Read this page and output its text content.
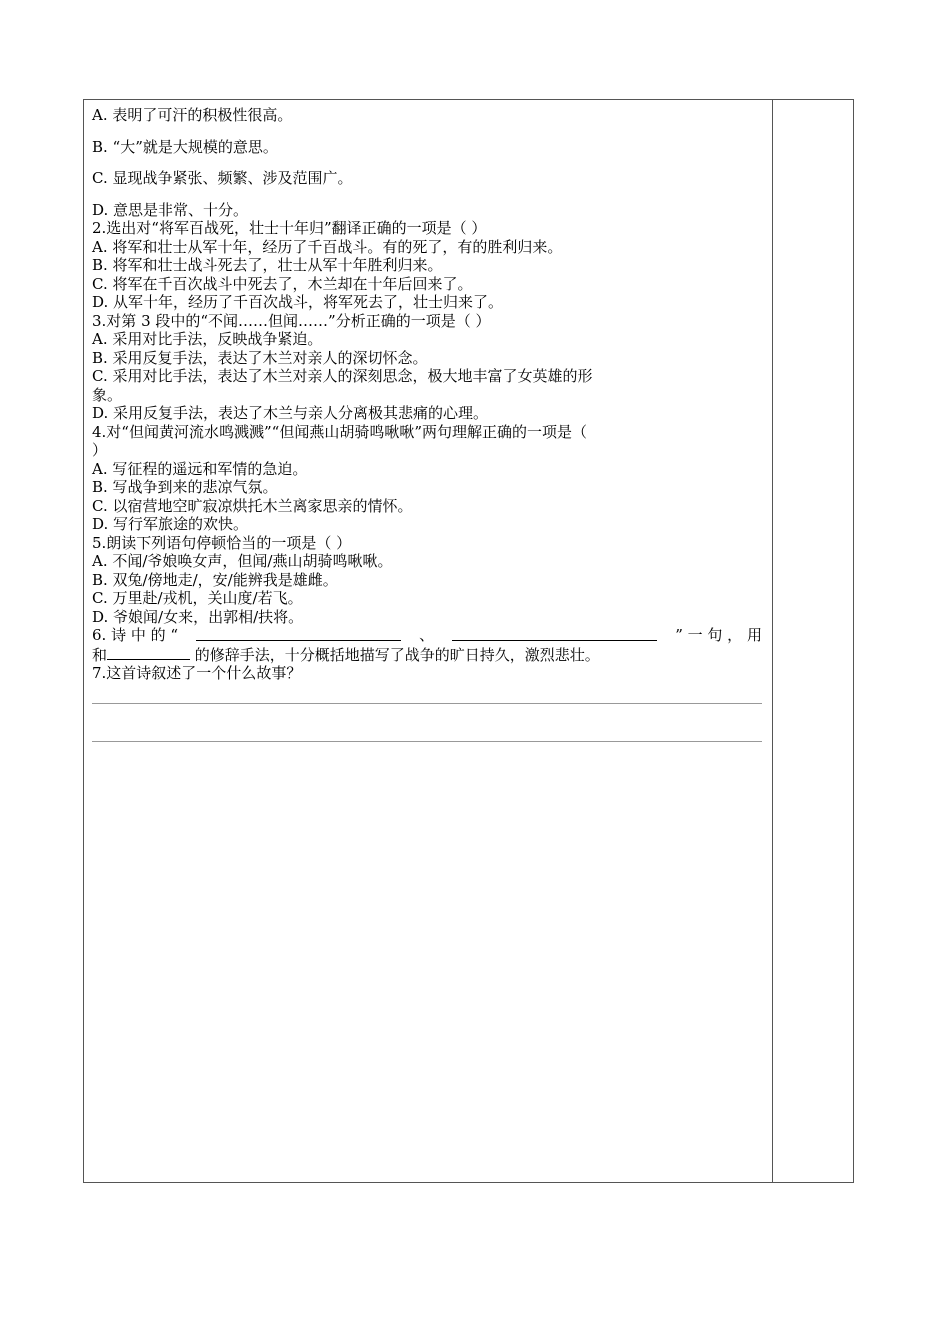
A. 表明了可汗的积极性很高。
B. “大”就是大规模的意思。
C. 显现战争紧张、频繁、涉及范围广。
D. 意思是非常、十分。
2.选出对“将军百战死，壮士十年归”翻译正确的一项是（ ）
A. 将军和壮士从军十年，经历了千百战斗。有的死了，有的胜利归来。
B. 将军和壮士战斗死去了，壮士从军十年胜利归来。
C. 将军在千百次战斗中死去了，木兰却在十年后回来了。
D. 从军十年，经历了千百次战斗，将军死去了，壮士归来了。
3.对第 3 段中的“不闻……但闻……”分析正确的一项是（ ）
A. 采用对比手法，反映战争紧迫。
B. 采用反复手法，表达了木兰对亲人的深切怀念。
C. 采用对比手法，表达了木兰对亲人的深刻思念，极大地丰富了女英雄的形
象。
D. 采用反复手法，表达了木兰与亲人分离极其悲痛的心理。
4.对“但闻黄河流水鸣溅溅”“但闻燕山胡骑鸣啾啾”两句理解正确的一项是（
）
A. 写征程的遥远和军情的急迫。
B. 写战争到来的悲凉气氛。
C. 以宿营地空旷寂凉烘托木兰离家思亲的情怀。
D. 写行军旅途的欢快。
5.朗读下列语句停顿恰当的一项是（ ）
A. 不闻/爷娘唤女声，但闻/燕山胡骑鸣啾啾。
B. 双兔/傍地走/，安/能辨我是雄雌。
C. 万里赴/戎机，关山度/若飞。
D. 爷娘闻/女来，出郭相/扶将。
6. 诗 中 的 “	、	” 一 句 ， 用
和	的修辞手法，十分概括地描写了战争的旷日持久，激烈悲壮。
7.这首诗叙述了一个什么故事？
